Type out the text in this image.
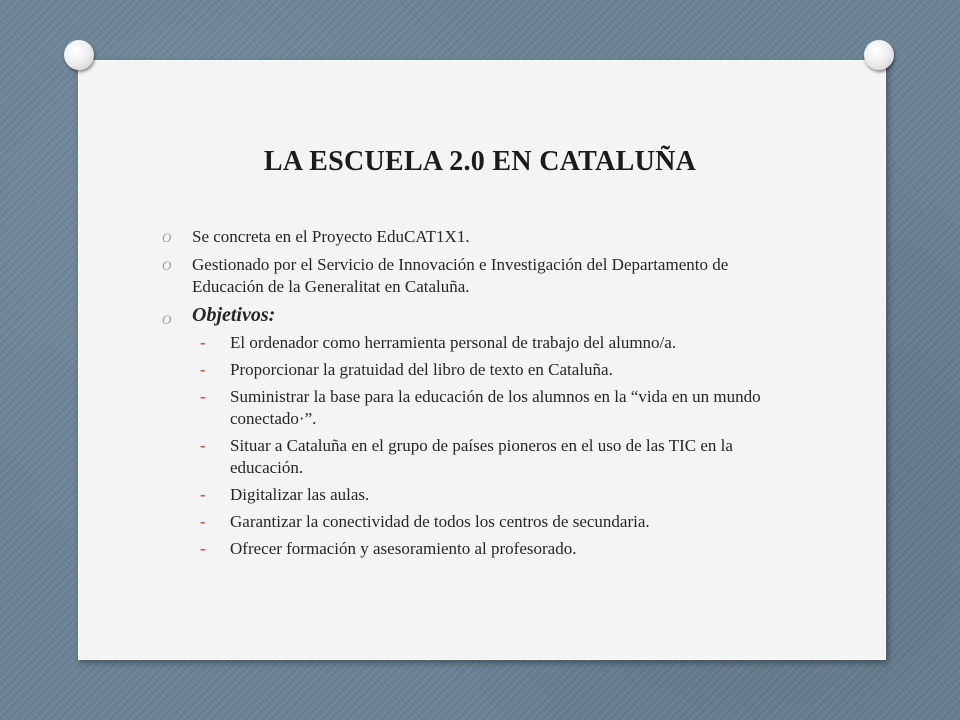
LA ESCUELA 2.0 EN CATALUÑA
O Se concreta en el Proyecto EduCAT1X1.
O Gestionado por el Servicio de Innovación e Investigación del Departamento de Educación de la Generalitat en Cataluña.
O Objetivos:
- El ordenador como herramienta personal de trabajo del alumno/a.
- Proporcionar la gratuidad del libro de texto en Cataluña.
- Suministrar la base para la educación de los alumnos en la “vida en un mundo conectado·”.
- Situar a Cataluña en el grupo de países pioneros en el uso de las TIC en la educación.
- Digitalizar las aulas.
- Garantizar la conectividad de todos los centros de secundaria.
- Ofrecer formación y asesoramiento al profesorado.
